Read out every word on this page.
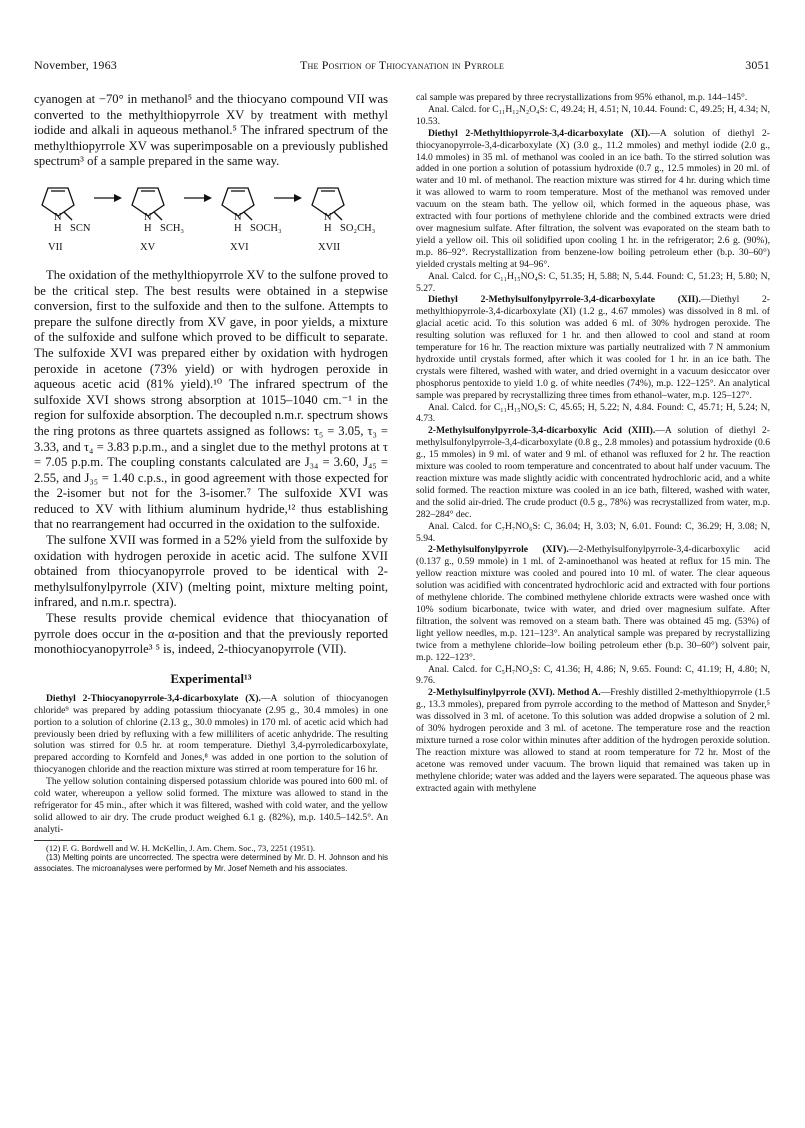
November, 1963	The Position of Thiocyanation in Pyrrole	3051

cyanogen at −70° in methanol⁵ and the thiocyano compound VII was converted to the methylthiopyrrole XV by treatment with methyl iodide and alkali in aqueous methanol.⁵ The infrared spectrum of the methylthiopyrrole XV was superimposable on a previously published spectrum³ of a sample prepared in the same way.

N	N	N	N
H	H	H	H
SCN	SCH₃	SOCH₃	SO₂CH₃
VII	XV	XVI	XVII

The oxidation of the methylthiopyrrole XV to the sulfone proved to be the critical step. The best results were obtained in a stepwise conversion, first to the sulfoxide and then to the sulfone. Attempts to prepare the sulfone directly from XV gave, in poor yields, a mixture of the sulfoxide and sulfone which proved to be difficult to separate. The sulfoxide XVI was prepared either by oxidation with hydrogen peroxide in acetone (73% yield) or with hydrogen peroxide in aqueous acetic acid (81% yield).¹⁰ The infrared spectrum of the sulfoxide XVI shows strong absorption at 1015–1040 cm.⁻¹ in the region for sulfoxide absorption. The decoupled n.m.r. spectrum shows the ring protons as three quartets assigned as follows: τ₅ = 3.05, τ₃ = 3.33, and τ₄ = 3.83 p.p.m., and a singlet due to the methyl protons at τ = 7.05 p.p.m. The coupling constants calculated are J₃₄ = 3.60, J₄₅ = 2.55, and J₃₅ = 1.40 c.p.s., in good agreement with those expected for the 2-isomer but not for the 3-isomer.⁷ The sulfoxide XVI was reduced to XV with lithium aluminum hydride,¹² thus establishing that no rearrangement had occurred in the oxidation to the sulfoxide.

The sulfone XVII was formed in a 52% yield from the sulfoxide by oxidation with hydrogen peroxide in acetic acid. The sulfone XVII obtained from thiocyanopyrrole proved to be identical with 2-methylsulfonylpyrrole (XIV) (melting point, mixture melting point, infrared, and n.m.r. spectra).

These results provide chemical evidence that thiocyanation of pyrrole does occur in the α-position and that the previously reported monothiocyanopyrrole³ ⁵ is, indeed, 2-thiocyanopyrrole (VII).

Experimental¹³

Diethyl 2-Thiocyanopyrrole-3,4-dicarboxylate (X).—A solution of thiocyanogen chloride⁹ was prepared by adding potassium thiocyanate (2.95 g., 30.4 mmoles) in one portion to a solution of chlorine (2.13 g., 30.0 mmoles) in 170 ml. of acetic acid which had previously been dried by refluxing with a few milliliters of acetic anhydride. The resulting solution was stirred for 0.5 hr. at room temperature. Diethyl 3,4-pyrroledicarboxylate, prepared according to Kornfeld and Jones,⁸ was added in one portion to the solution of thiocyanogen chloride and the reaction mixture was stirred at room temperature for 16 hr.

The yellow solution containing dispersed potassium chloride was poured into 600 ml. of cold water, whereupon a yellow solid formed. The mixture was allowed to stand in the refrigerator for 45 min., after which it was filtered, washed with cold water, and the yellow solid allowed to air dry. The crude product weighed 6.1 g. (82%), m.p. 140.5–142.5°. An analyti-

(12) F. G. Bordwell and W. H. McKellin, J. Am. Chem. Soc., 73, 2251 (1951).

(13) Melting points are uncorrected. The spectra were determined by Mr. D. H. Johnson and his associates. The microanalyses were performed by Mr. Josef Nemeth and his associates.

cal sample was prepared by three recrystallizations from 95% ethanol, m.p. 144–145°.

Anal. Calcd. for C₁₁H₁₂N₂O₄S: C, 49.24; H, 4.51; N, 10.44. Found: C, 49.25; H, 4.34; N, 10.53.

Diethyl 2-Methylthiopyrrole-3,4-dicarboxylate (XI).—A solution of diethyl 2-thiocyanopyrrole-3,4-dicarboxylate (X) (3.0 g., 11.2 mmoles) and methyl iodide (2.0 g., 14.0 mmoles) in 35 ml. of methanol was cooled in an ice bath. To the stirred solution was added in one portion a solution of potassium hydroxide (0.7 g., 12.5 mmoles) in 20 ml. of water and 10 ml. of methanol. The reaction mixture was stirred for 4 hr. during which time it was allowed to warm to room temperature. Most of the methanol was removed under vacuum on the steam bath. The yellow oil, which formed in the aqueous phase, was extracted with four portions of methylene chloride and the combined extracts were dried over magnesium sulfate. After filtration, the solvent was evaporated on the steam bath to yield a yellow oil. This oil solidified upon cooling 1 hr. in the refrigerator; 2.6 g. (90%), m.p. 86–92°. Recrystallization from benzene-low boiling petroleum ether (b.p. 30–60°) yielded crystals melting at 94–96°.

Anal. Calcd. for C₁₁H₁₅NO₄S: C, 51.35; H, 5.88; N, 5.44. Found: C, 51.23; H, 5.80; N, 5.27.

Diethyl 2-Methylsulfonylpyrrole-3,4-dicarboxylate (XII).—Diethyl 2-methylthiopyrrole-3,4-dicarboxylate (XI) (1.2 g., 4.67 mmoles) was dissolved in 8 ml. of glacial acetic acid. To this solution was added 6 ml. of 30% hydrogen peroxide. The resulting solution was refluxed for 1 hr. and then allowed to cool and stand at room temperature for 16 hr. The reaction mixture was partially neutralized with 7 N ammonium hydroxide until crystals formed, after which it was cooled for 1 hr. in an ice bath. The crystals were filtered, washed with water, and dried overnight in a vacuum desiccator over phosphorus pentoxide to yield 1.0 g. of white needles (74%), m.p. 122–125°. An analytical sample was prepared by recrystallizing three times from ethanol–water, m.p. 125–127°.

Anal. Calcd. for C₁₁H₁₅NO₆S: C, 45.65; H, 5.22; N, 4.84. Found: C, 45.71; H, 5.24; N, 4.73.

2-Methylsulfonylpyrrole-3,4-dicarboxylic Acid (XIII).—A solution of diethyl 2-methylsulfonylpyrrole-3,4-dicarboxylate (0.8 g., 2.8 mmoles) and potassium hydroxide (0.6 g., 15 mmoles) in 9 ml. of water and 9 ml. of ethanol was refluxed for 2 hr. The reaction mixture was cooled to room temperature and concentrated to about half under vacuum. The reaction mixture was made slightly acidic with concentrated hydrochloric acid, and a white solid formed. The reaction mixture was cooled in an ice bath, filtered, washed with water, and the solid air-dried. The crude product (0.5 g., 78%) was recrystallized from water, m.p. 282–284° dec.

Anal. Calcd. for C₇H₇NO₆S: C, 36.04; H, 3.03; N, 6.01. Found: C, 36.29; H, 3.08; N, 5.94.

2-Methylsulfonylpyrrole (XIV).—2-Methylsulfonylpyrrole-3,4-dicarboxylic acid (0.137 g., 0.59 mmole) in 1 ml. of 2-aminoethanol was heated at reflux for 15 min. The yellow reaction mixture was cooled and poured into 10 ml. of water. The clear aqueous solution was acidified with concentrated hydrochloric acid and extracted with four portions of methylene chloride. The combined methylene chloride extracts were washed once with 10% sodium bicarbonate, twice with water, and dried over magnesium sulfate. After filtration, the solvent was removed on a steam bath. There was obtained 45 mg. (53%) of light yellow needles, m.p. 121–123°. An analytical sample was prepared by recrystallizing twice from a methylene chloride–low boiling petroleum ether (b.p. 30–60°) solvent pair, m.p. 122–123°.

Anal. Calcd. for C₅H₇NO₂S: C, 41.36; H, 4.86; N, 9.65. Found: C, 41.19; H, 4.80; N, 9.76.

2-Methylsulfinylpyrrole (XVI). Method A.—Freshly distilled 2-methylthiopyrrole (1.5 g., 13.3 mmoles), prepared from pyrrole according to the method of Matteson and Snyder,⁵ was dissolved in 3 ml. of acetone. To this solution was added dropwise a solution of 2 ml. of 30% hydrogen peroxide and 3 ml. of acetone. The temperature rose and the reaction mixture turned a rose color within minutes after addition of the hydrogen peroxide solution. The reaction mixture was allowed to stand at room temperature for 72 hr. Most of the acetone was removed under vacuum. The brown liquid that remained was taken up in methylene chloride; water was added and the layers were separated. The aqueous phase was extracted again with methylene
